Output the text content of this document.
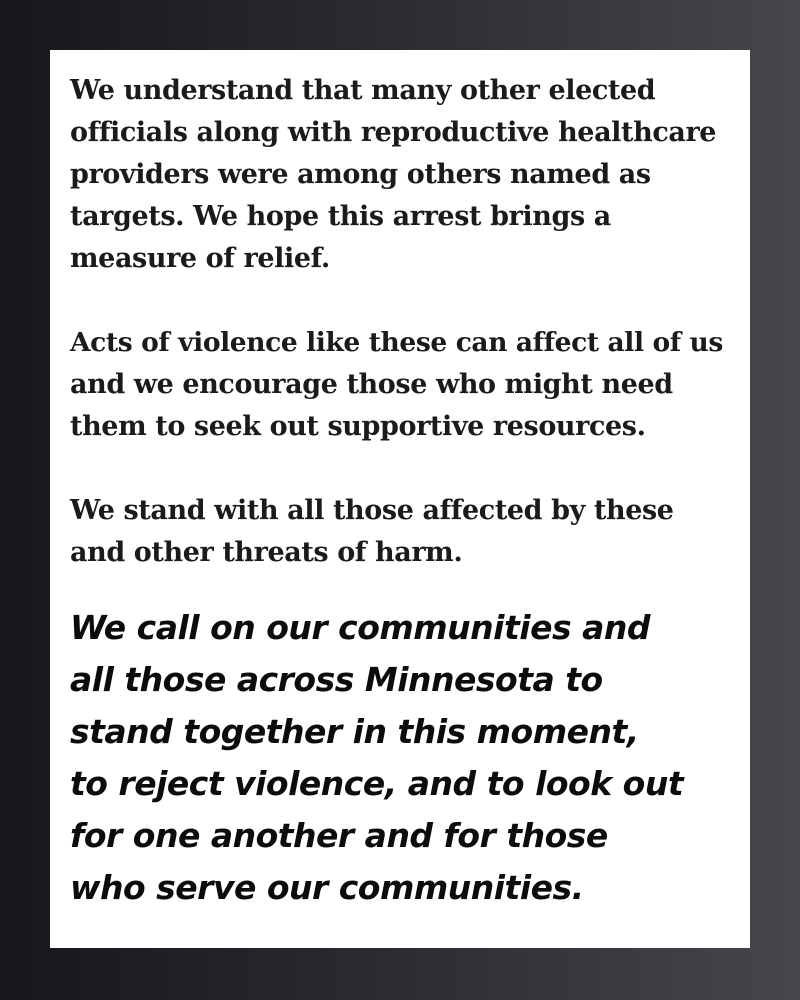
We understand that many other elected
officials along with reproductive healthcare
providers were among others named as
targets. We hope this arrest brings a
measure of relief.

Acts of violence like these can affect all of us
and we encourage those who might need
them to seek out supportive resources.

We stand with all those affected by these
and other threats of harm.

We call on our communities and
all those across Minnesota to
stand together in this moment,
to reject violence, and to look out
for one another and for those
who serve our communities.
